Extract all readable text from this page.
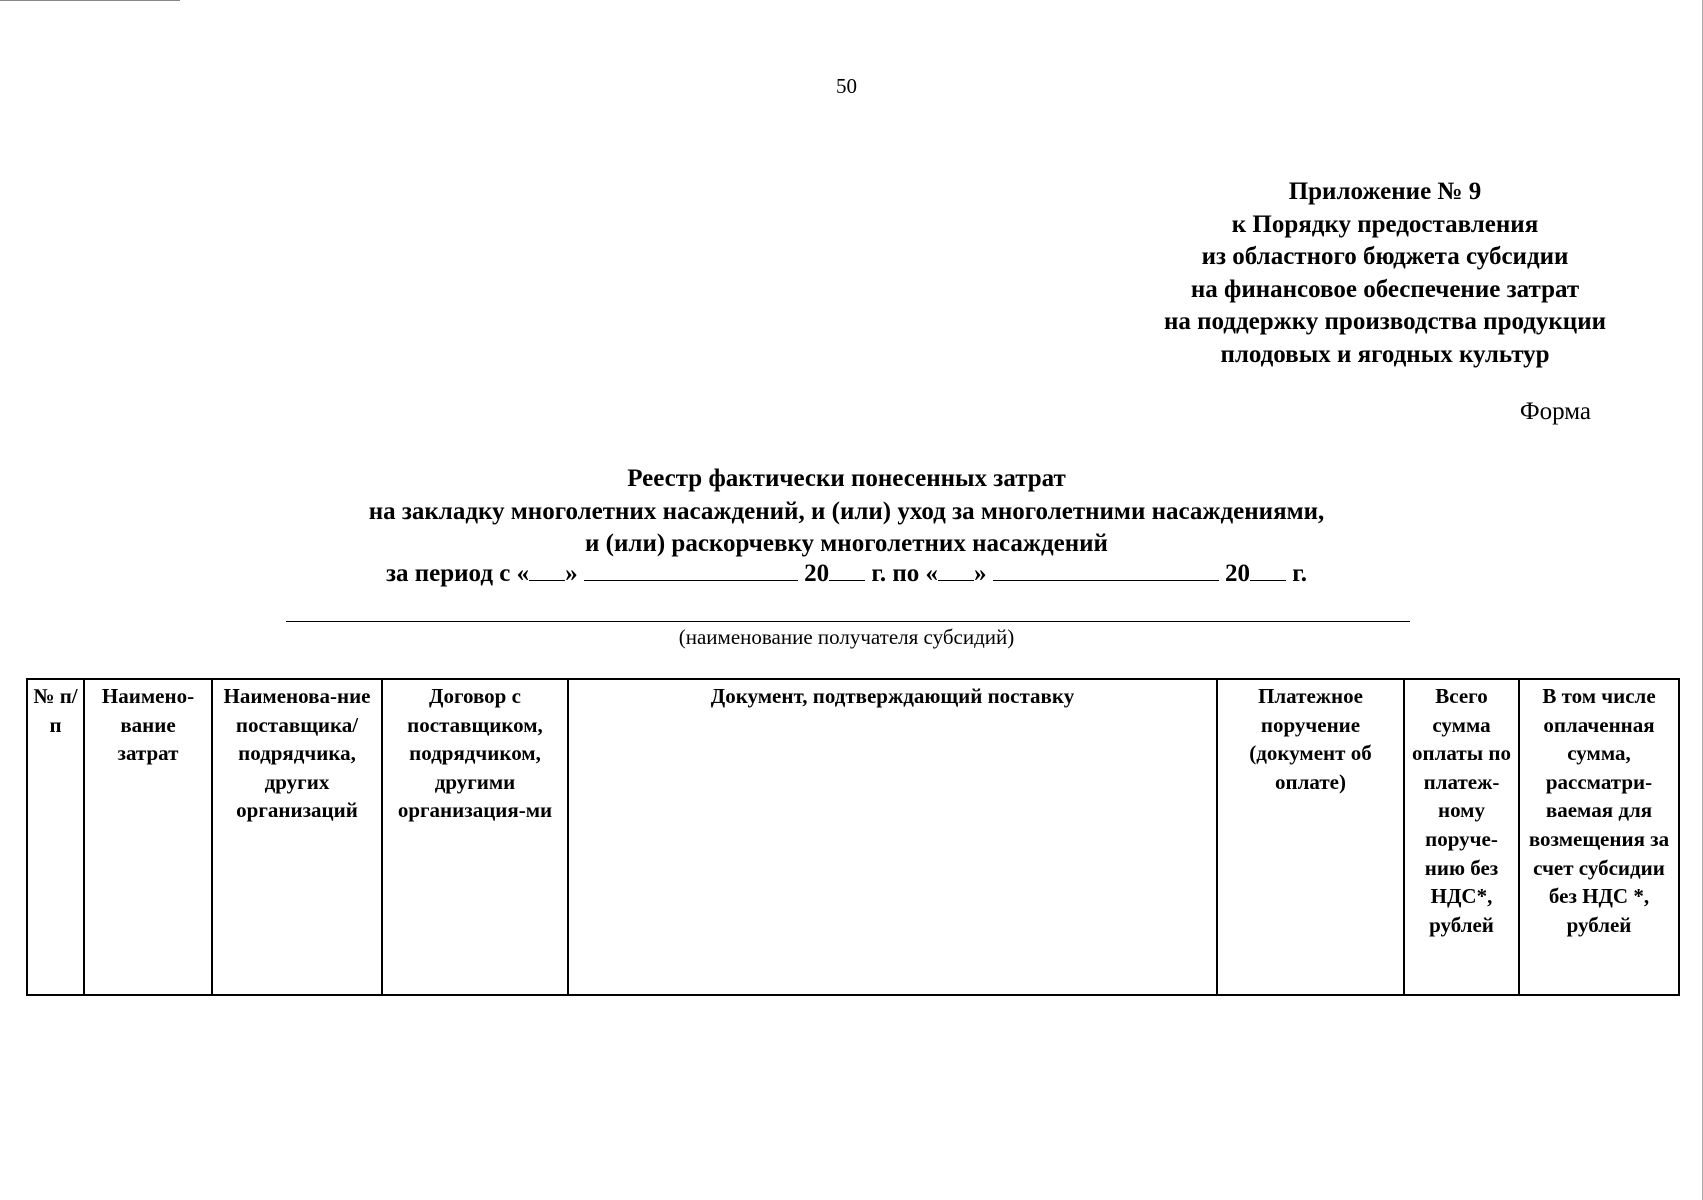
50
Приложение № 9
к Порядку предоставления
из областного бюджета субсидии
на финансовое обеспечение затрат
на поддержку производства продукции
плодовых и ягодных культур
Форма
Реестр фактически понесенных затрат
на закладку многолетних насаждений, и (или) уход за многолетними насаждениями,
и (или) раскорчевку многолетних насаждений
за период с « »	20 г. по « »	20 г.
(наименование получателя субсидий)
№ п/п	Наимено-вание затрат	Наименова-ние поставщика/ подрядчика, других организаций	Договор с поставщиком, подрядчиком, другими организация-ми	Документ, подтверждающий поставку	Платежное поручение (документ об оплате)	Всего сумма оплаты по платеж-ному поруче-нию без НДС*, рублей	В том числе оплаченная сумма, рассматри-ваемая для возмещения за счет субсидии без НДС *, рублей
